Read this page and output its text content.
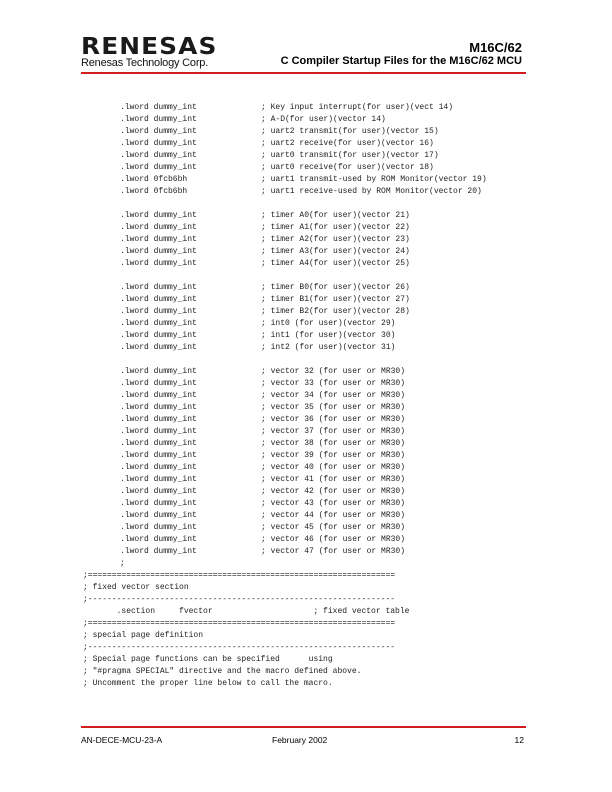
RENESAS
Renesas Technology Corp.
M16C/62
C Compiler Startup Files for the M16C/62 MCU
.lword dummy_int	; Key input interrupt(for user)(vect 14)
.lword dummy_int	; A-D(for user)(vector 14)
.lword dummy_int	; uart2 transmit(for user)(vector 15)
.lword dummy_int	; uart2 receive(for user)(vector 16)
.lword dummy_int	; uart0 transmit(for user)(vector 17)
.lword dummy_int	; uart0 receive(for user)(vector 18)
.lword 0fcb6bh	; uart1 transmit-used by ROM Monitor(vector 19)
.lword 0fcb6bh	; uart1 receive-used by ROM Monitor(vector 20)
.lword dummy_int	; timer A0(for user)(vector 21)
.lword dummy_int	; timer A1(for user)(vector 22)
.lword dummy_int	; timer A2(for user)(vector 23)
.lword dummy_int	; timer A3(for user)(vector 24)
.lword dummy_int	; timer A4(for user)(vector 25)
.lword dummy_int	; timer B0(for user)(vector 26)
.lword dummy_int	; timer B1(for user)(vector 27)
.lword dummy_int	; timer B2(for user)(vector 28)
.lword dummy_int	; int0 (for user)(vector 29)
.lword dummy_int	; int1 (for user)(vector 30)
.lword dummy_int	; int2 (for user)(vector 31)
.lword dummy_int	; vector 32 (for user or MR30)
.lword dummy_int	; vector 33 (for user or MR30)
.lword dummy_int	; vector 34 (for user or MR30)
.lword dummy_int	; vector 35 (for user or MR30)
.lword dummy_int	; vector 36 (for user or MR30)
.lword dummy_int	; vector 37 (for user or MR30)
.lword dummy_int	; vector 38 (for user or MR30)
.lword dummy_int	; vector 39 (for user or MR30)
.lword dummy_int	; vector 40 (for user or MR30)
.lword dummy_int	; vector 41 (for user or MR30)
.lword dummy_int	; vector 42 (for user or MR30)
.lword dummy_int	; vector 43 (for user or MR30)
.lword dummy_int	; vector 44 (for user or MR30)
.lword dummy_int	; vector 45 (for user or MR30)
.lword dummy_int	; vector 46 (for user or MR30)
.lword dummy_int	; vector 47 (for user or MR30)
;
;================================================================
; fixed vector section
;----------------------------------------------------------------
.section     fvector                     ; fixed vector table
;================================================================
; special page definition
;----------------------------------------------------------------
; Special page functions can be specified      using
; "#pragma SPECIAL" directive and the macro defined above.
; Uncomment the proper line below to call the macro.
AN-DECE-MCU-23-A	February 2002	12
